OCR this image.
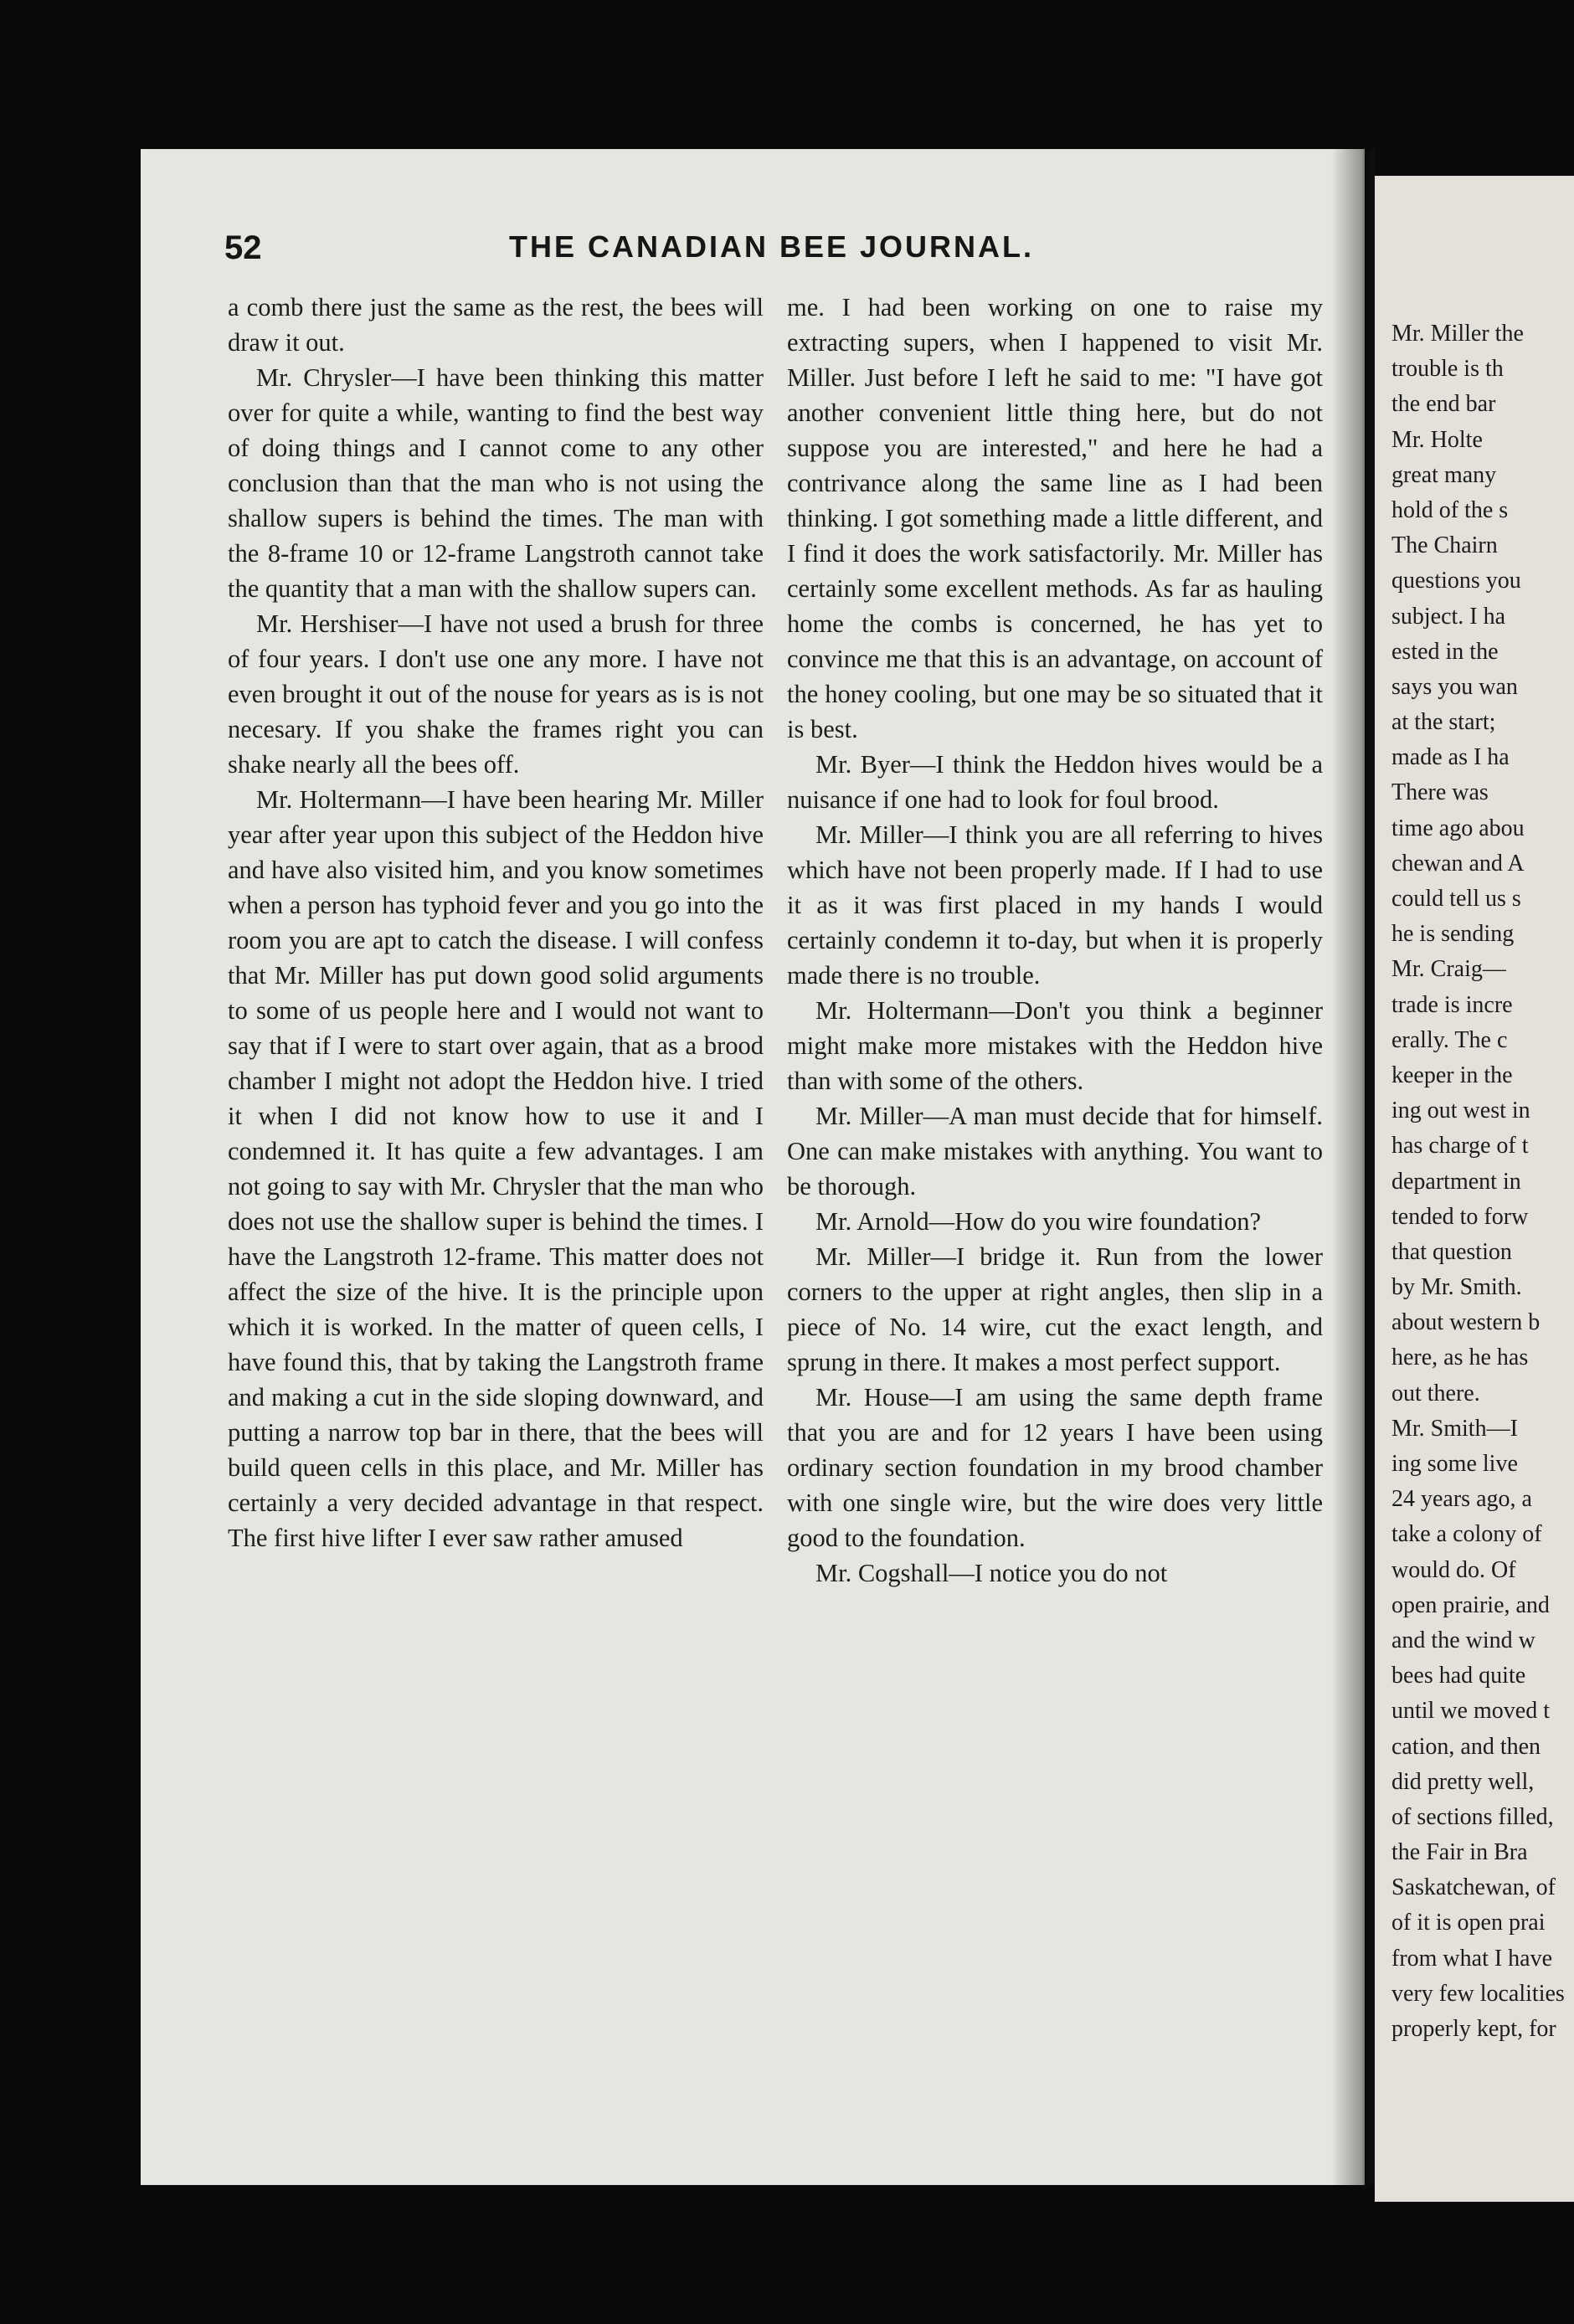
52	THE CANADIAN BEE JOURNAL.

a comb there just the same as the rest, the bees will draw it out.

Mr. Chrysler—I have been thinking this matter over for quite a while, wanting to find the best way of doing things and I cannot come to any other conclusion than that the man who is not using the shallow supers is behind the times. The man with the 8-frame 10 or 12-frame Langstroth cannot take the quantity that a man with the shallow supers can.

Mr. Hershiser—I have not used a brush for three of four years. I don't use one any more. I have not even brought it out of the nouse for years as is is not necesary. If you shake the frames right you can shake nearly all the bees off.

Mr. Holtermann—I have been hearing Mr. Miller year after year upon this subject of the Heddon hive and have also visited him, and you know sometimes when a person has typhoid fever and you go into the room you are apt to catch the disease. I will confess that Mr. Miller has put down good solid arguments to some of us people here and I would not want to say that if I were to start over again, that as a brood chamber I might not adopt the Heddon hive. I tried it when I did not know how to use it and I condemned it. It has quite a few advantages. I am not going to say with Mr. Chrysler that the man who does not use the shallow super is behind the times. I have the Langstroth 12-frame. This matter does not affect the size of the hive. It is the principle upon which it is worked. In the matter of queen cells, I have found this, that by taking the Langstroth frame and making a cut in the side sloping downward, and putting a narrow top bar in there, that the bees will build queen cells in this place, and Mr. Miller has certainly a very decided advantage in that respect. The first hive lifter I ever saw rather amused

me. I had been working on one to raise my extracting supers, when I happened to visit Mr. Miller. Just before I left he said to me: "I have got another convenient little thing here, but do not suppose you are interested," and here he had a contrivance along the same line as I had been thinking. I got something made a little different, and I find it does the work satisfactorily. Mr. Miller has certainly some excellent methods. As far as hauling home the combs is concerned, he has yet to convince me that this is an advantage, on account of the honey cooling, but one may be so situated that it is best.

Mr. Byer—I think the Heddon hives would be a nuisance if one had to look for foul brood.

Mr. Miller—I think you are all referring to hives which have not been properly made. If I had to use it as it was first placed in my hands I would certainly condemn it to-day, but when it is properly made there is no trouble.

Mr. Holtermann—Don't you think a beginner might make more mistakes with the Heddon hive than with some of the others.

Mr. Miller—A man must decide that for himself. One can make mistakes with anything. You want to be thorough.

Mr. Arnold—How do you wire foundation?

Mr. Miller—I bridge it. Run from the lower corners to the upper at right angles, then slip in a piece of No. 14 wire, cut the exact length, and sprung in there. It makes a most perfect support.

Mr. House—I am using the same depth frame that you are and for 12 years I have been using ordinary section foundation in my brood chamber with one single wire, but the wire does very little good to the foundation.

Mr. Cogshall—I notice you do not

Mr. Miller the
trouble is th
the end bar
Mr. Holte
great many
hold of the s
The Chairn
questions you
subject. I ha
ested in the
says you wan
at the start;
made as I ha
There was
time ago abou
chewan and A
could tell us s
he is sending
Mr. Craig—
trade is incre
erally. The c
keeper in the
ing out west in
has charge of t
department in
tended to forw
that question
by Mr. Smith.
about western b
here, as he has
out there.
Mr. Smith—I
ing some live
24 years ago, a
take a colony of
would do. Of
open prairie, and
and the wind w
bees had quite
until we moved t
cation, and then
did pretty well,
of sections filled,
the Fair in Bra
Saskatchewan, of
of it is open prai
from what I have
very few localities
properly kept, for
